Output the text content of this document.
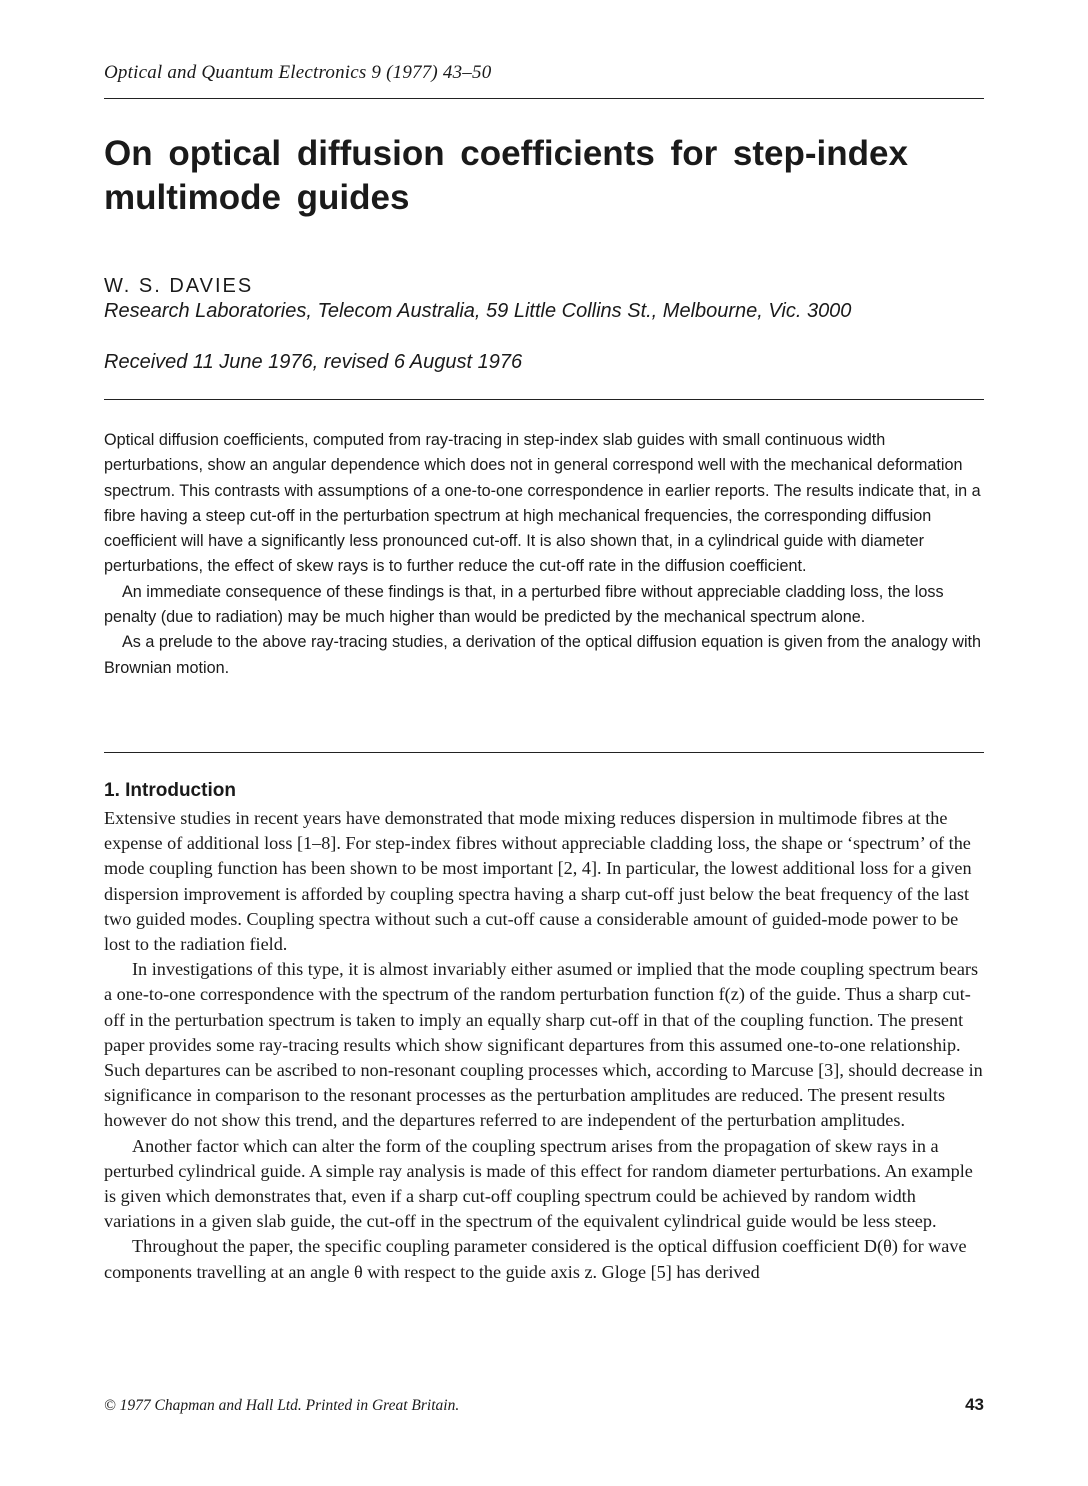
Optical and Quantum Electronics 9 (1977) 43–50
On optical diffusion coefficients for step-index multimode guides
W. S. DAVIES
Research Laboratories, Telecom Australia, 59 Little Collins St., Melbourne, Vic. 3000
Received 11 June 1976, revised 6 August 1976

Optical diffusion coefficients, computed from ray-tracing in step-index slab guides with small continuous width perturbations, show an angular dependence which does not in general correspond well with the mechanical deformation spectrum. This contrasts with assumptions of a one-to-one correspondence in earlier reports. The results indicate that, in a fibre having a steep cut-off in the perturbation spectrum at high mechanical frequencies, the corresponding diffusion coefficient will have a significantly less pronounced cut-off. It is also shown that, in a cylindrical guide with diameter perturbations, the effect of skew rays is to further reduce the cut-off rate in the diffusion coefficient.

An immediate consequence of these findings is that, in a perturbed fibre without appreciable cladding loss, the loss penalty (due to radiation) may be much higher than would be predicted by the mechanical spectrum alone.

As a prelude to the above ray-tracing studies, a derivation of the optical diffusion equation is given from the analogy with Brownian motion.

1. Introduction

Extensive studies in recent years have demonstrated that mode mixing reduces dispersion in multimode fibres at the expense of additional loss [1–8]. For step-index fibres without appreciable cladding loss, the shape or ‘spectrum’ of the mode coupling function has been shown to be most important [2, 4]. In particular, the lowest additional loss for a given dispersion improvement is afforded by coupling spectra having a sharp cut-off just below the beat frequency of the last two guided modes. Coupling spectra without such a cut-off cause a considerable amount of guided-mode power to be lost to the radiation field.

In investigations of this type, it is almost invariably either asumed or implied that the mode coupling spectrum bears a one-to-one correspondence with the spectrum of the random perturbation function f(z) of the guide. Thus a sharp cut-off in the perturbation spectrum is taken to imply an equally sharp cut-off in that of the coupling function. The present paper provides some ray-tracing results which show significant departures from this assumed one-to-one relationship. Such departures can be ascribed to non-resonant coupling processes which, according to Marcuse [3], should decrease in significance in comparison to the resonant processes as the perturbation amplitudes are reduced. The present results however do not show this trend, and the departures referred to are independent of the perturbation amplitudes.

Another factor which can alter the form of the coupling spectrum arises from the propagation of skew rays in a perturbed cylindrical guide. A simple ray analysis is made of this effect for random diameter perturbations. An example is given which demonstrates that, even if a sharp cut-off coupling spectrum could be achieved by random width variations in a given slab guide, the cut-off in the spectrum of the equivalent cylindrical guide would be less steep.

Throughout the paper, the specific coupling parameter considered is the optical diffusion coefficient D(θ) for wave components travelling at an angle θ with respect to the guide axis z. Gloge [5] has derived

© 1977 Chapman and Hall Ltd. Printed in Great Britain.	43
